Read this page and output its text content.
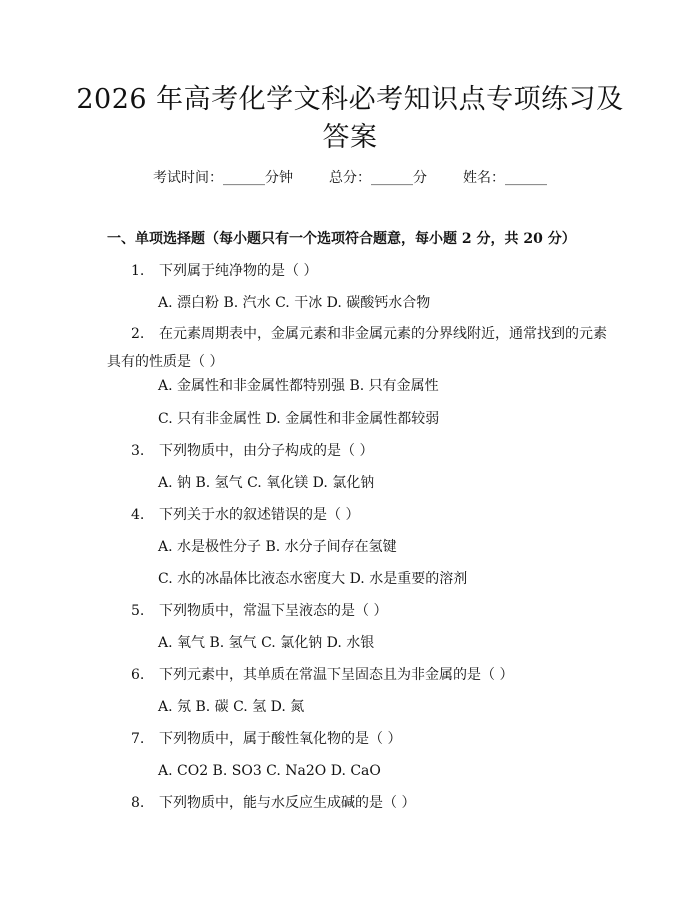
2026 年高考化学文科必考知识点专项练习及
答案
考试时间：______分钟	总分：______分	姓名：______
一、单项选择题（每小题只有一个选项符合题意，每小题 2 分，共 20 分）
1. 下列属于纯净物的是（ ）
A. 漂白粉 B. 汽水 C. 干冰 D. 碳酸钙水合物
2. 在元素周期表中，金属元素和非金属元素的分界线附近，通常找到的元素
具有的性质是（ ）
A. 金属性和非金属性都特别强 B. 只有金属性
C. 只有非金属性 D. 金属性和非金属性都较弱
3. 下列物质中，由分子构成的是（ ）
A. 钠 B. 氢气 C. 氧化镁 D. 氯化钠
4. 下列关于水的叙述错误的是（ ）
A. 水是极性分子 B. 水分子间存在氢键
C. 水的冰晶体比液态水密度大 D. 水是重要的溶剂
5. 下列物质中，常温下呈液态的是（ ）
A. 氧气 B. 氢气 C. 氯化钠 D. 水银
6. 下列元素中，其单质在常温下呈固态且为非金属的是（ ）
A. 氖 B. 碳 C. 氢 D. 氮
7. 下列物质中，属于酸性氧化物的是（ ）
A. CO2 B. SO3 C. Na2O D. CaO
8. 下列物质中，能与水反应生成碱的是（ ）
